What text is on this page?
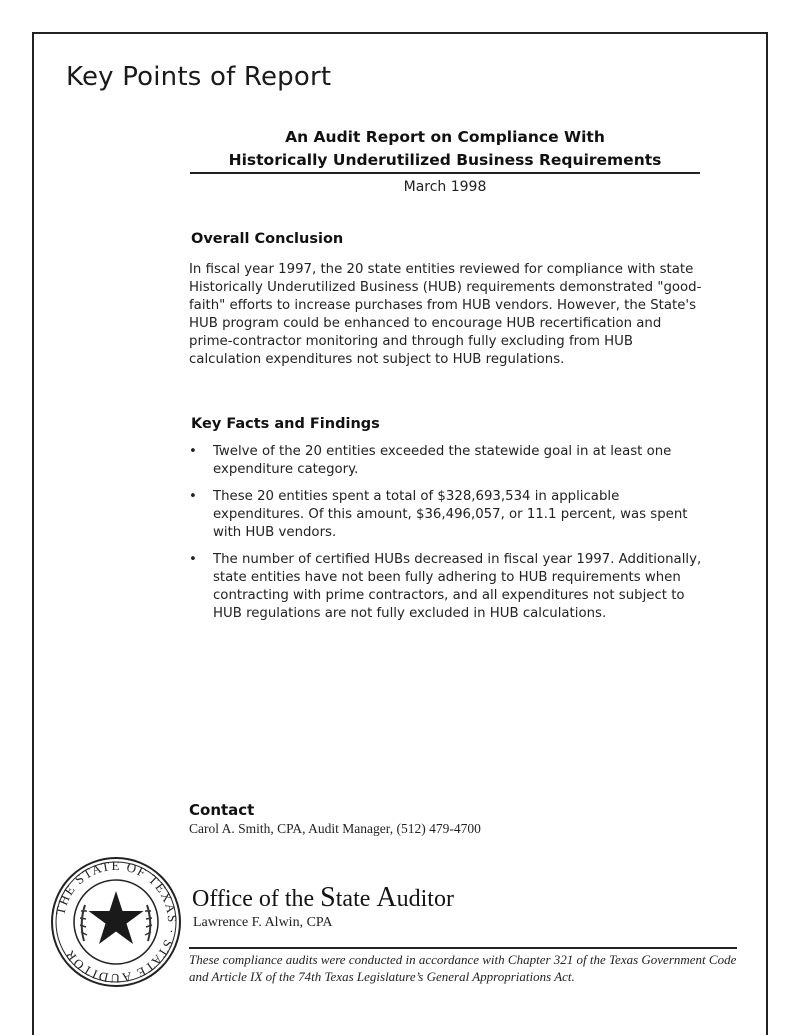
Key Points of Report
An Audit Report on Compliance With
Historically Underutilized Business Requirements
March 1998
Overall Conclusion
In fiscal year 1997, the 20 state entities reviewed for compliance with state Historically Underutilized Business (HUB) requirements demonstrated "good-faith" efforts to increase purchases from HUB vendors. However, the State's HUB program could be enhanced to encourage HUB recertification and prime-contractor monitoring and through fully excluding from HUB calculation expenditures not subject to HUB regulations.
Key Facts and Findings
• Twelve of the 20 entities exceeded the statewide goal in at least one expenditure category.
• These 20 entities spent a total of $328,693,534 in applicable expenditures. Of this amount, $36,496,057, or 11.1 percent, was spent with HUB vendors.
• The number of certified HUBs decreased in fiscal year 1997. Additionally, state entities have not been fully adhering to HUB requirements when contracting with prime contractors, and all expenditures not subject to HUB regulations are not fully excluded in HUB calculations.
Contact
Carol A. Smith, CPA, Audit Manager, (512) 479-4700
THE STATE OF TEXAS · STATE AUDITOR
Office of the State Auditor
Lawrence F. Alwin, CPA
These compliance audits were conducted in accordance with Chapter 321 of the Texas Government Code and Article IX of the 74th Texas Legislature’s General Appropriations Act.
